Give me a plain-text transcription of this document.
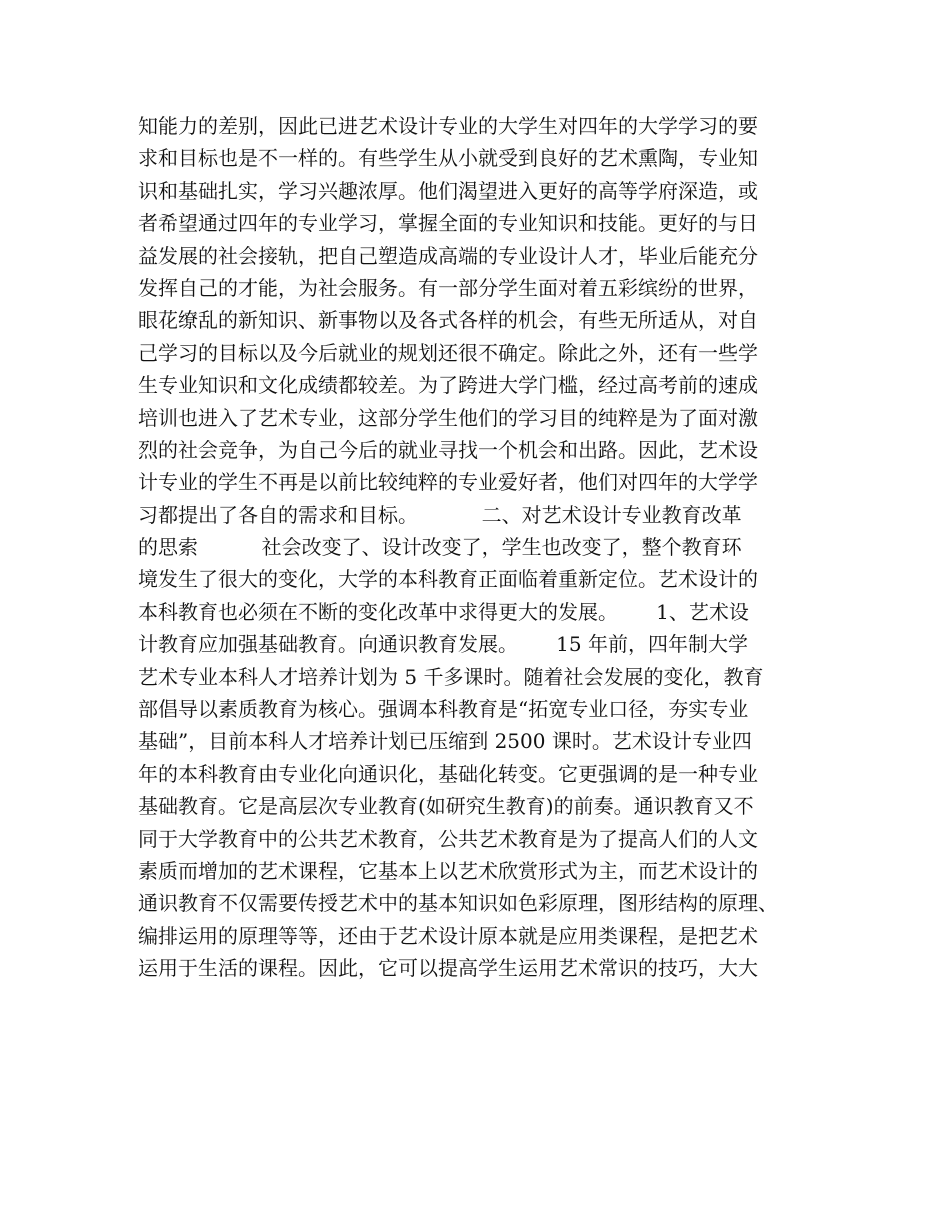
知能力的差别，因此已进艺术设计专业的大学生对四年的大学学习的要
求和目标也是不一样的。有些学生从小就受到良好的艺术熏陶，专业知
识和基础扎实，学习兴趣浓厚。他们渴望进入更好的高等学府深造，或
者希望通过四年的专业学习，掌握全面的专业知识和技能。更好的与日
益发展的社会接轨，把自己塑造成高端的专业设计人才，毕业后能充分
发挥自己的才能，为社会服务。有一部分学生面对着五彩缤纷的世界，
眼花缭乱的新知识、新事物以及各式各样的机会，有些无所适从，对自
己学习的目标以及今后就业的规划还很不确定。除此之外，还有一些学
生专业知识和文化成绩都较差。为了跨进大学门槛，经过高考前的速成
培训也进入了艺术专业，这部分学生他们的学习目的纯粹是为了面对激
烈的社会竞争，为自己今后的就业寻找一个机会和出路。因此，艺术设
计专业的学生不再是以前比较纯粹的专业爱好者，他们对四年的大学学
习都提出了各自的需求和目标。          二、对艺术设计专业教育改革
的思索          社会改变了、设计改变了，学生也改变了，整个教育环
境发生了很大的变化，大学的本科教育正面临着重新定位。艺术设计的
本科教育也必须在不断的变化改革中求得更大的发展。      1、艺术设
计教育应加强基础教育。向通识教育发展。      15 年前，四年制大学
艺术专业本科人才培养计划为 5 千多课时。随着社会发展的变化，教育
部倡导以素质教育为核心。强调本科教育是“拓宽专业口径，夯实专业
基础”，目前本科人才培养计划已压缩到 2500 课时。艺术设计专业四
年的本科教育由专业化向通识化，基础化转变。它更强调的是一种专业
基础教育。它是高层次专业教育(如研究生教育)的前奏。通识教育又不
同于大学教育中的公共艺术教育，公共艺术教育是为了提高人们的人文
素质而增加的艺术课程，它基本上以艺术欣赏形式为主，而艺术设计的
通识教育不仅需要传授艺术中的基本知识如色彩原理，图形结构的原理、
编排运用的原理等等，还由于艺术设计原本就是应用类课程，是把艺术
运用于生活的课程。因此，它可以提高学生运用艺术常识的技巧，大大
